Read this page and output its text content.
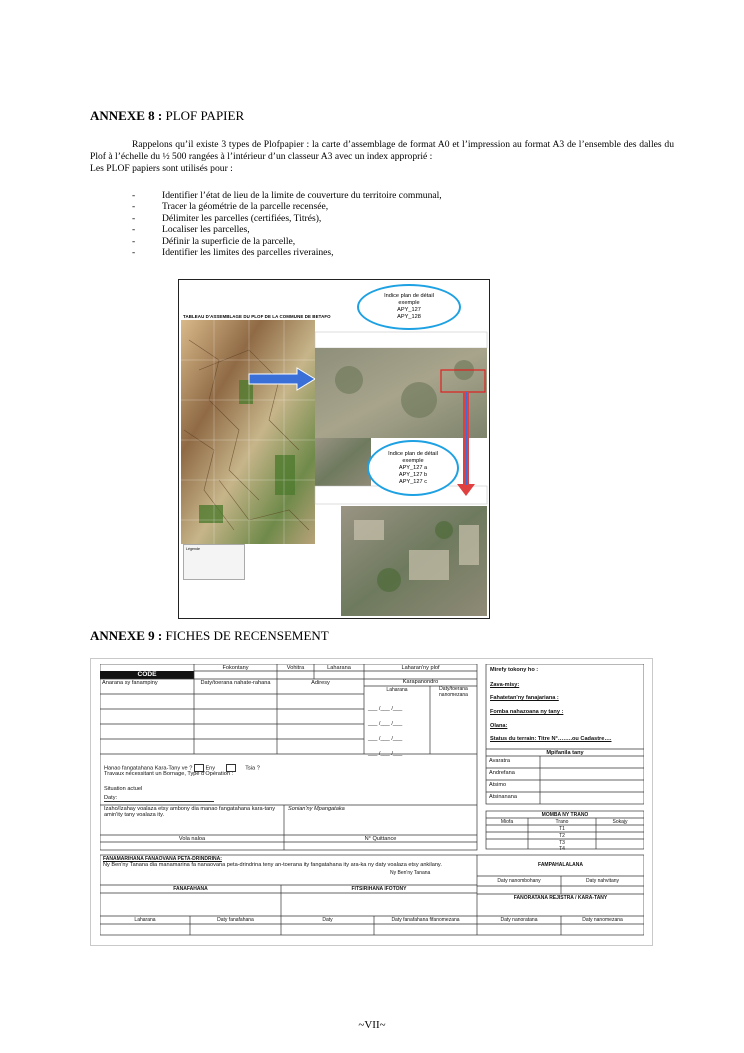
ANNEXE 8 : PLOF PAPIER
Rappelons qu’il existe 3 types de Plofpapier : la carte d’assemblage de format A0 et l’impression au format A3 de l’ensemble des dalles du Plof à l’échelle du ½ 500 rangées à l’intérieur d’un classeur A3 avec un index approprié :
Les PLOF papiers sont utilisés pour :
- Identifier l’état de lieu de la limite de couverture du territoire communal,
- Tracer la géométrie de la parcelle recensée,
- Délimiter les parcelles (certifiées, Titrés),
- Localiser les parcelles,
- Définir la superficie de la parcelle,
- Identifier les limites des parcelles riveraines,
TABLEAU D'ASSEMBLAGE DU PLOF DE LA COMMUNE DE BETAFO
Indice plan de détail
exemple
APY_127
APY_128
Indice plan de détail
exemple
APY_127 a
APY_127 b
APY_127 c
Légende
ANNEXE 9 : FICHES DE RECENSEMENT
CODE
Fokontany	Vohitra	Laharana	Laharan'ny plof
Anarana sy fanampiny	Daty/toerana nahate-rahana	Adiresy	Karapanondro
Laharana	Daty/toerana nanomezana
___ /___ /___
___ /___ /___
___ /___ /___
___ /___ /___
Hanao fangatahana Kara-Tany ve ? Eny	Tsia ?
Travaux nécessitant un Bornage, Type d’Opération :
Situation actuel
Daty:
Izaho/Izahay voalaza etsy ambony dia manao fangatahana kara-tany amin'ity tany voalaza ity.
Sonian'ny Mpangataka
Vola naloa	N° Quittance
Mirefy tokony ho :
Zava-misy:
Fahatetan'ny fanajariana :
Fomba nahazoana ny tany :
Olana:
Status du terrain: Titre N°……..ou Cadastre….
Mpifanila tany
Avaratra
Andrefana
Atsimo
Atsinanana
MOMBA NY TRANO
Miofa	Trano	Sokajy
T1
T2
T3
T4
FANAMARIHANA FANAOVANA PETA-DRINDRINA:
Ny Ben'ny Tanana dia manamarina fa nanaovana peta-drindrina teny an-toerana ity fangatahana ity ara-ka ny daty voalaza etsy ankilany.
Ny Ben'ny Tanana
FAMPAHALALANA
Daty nanombohany	Daty nahvitany
FANORATANA REJISTRA / KARA-TANY
FANAFAHANA	FITSIRIHANA IFOTONY
Laharana	Daty fanafahana	Daty	Daty fanafahana fifanomezana	Daty nanoratana	Daty nanomezana
~VII~
